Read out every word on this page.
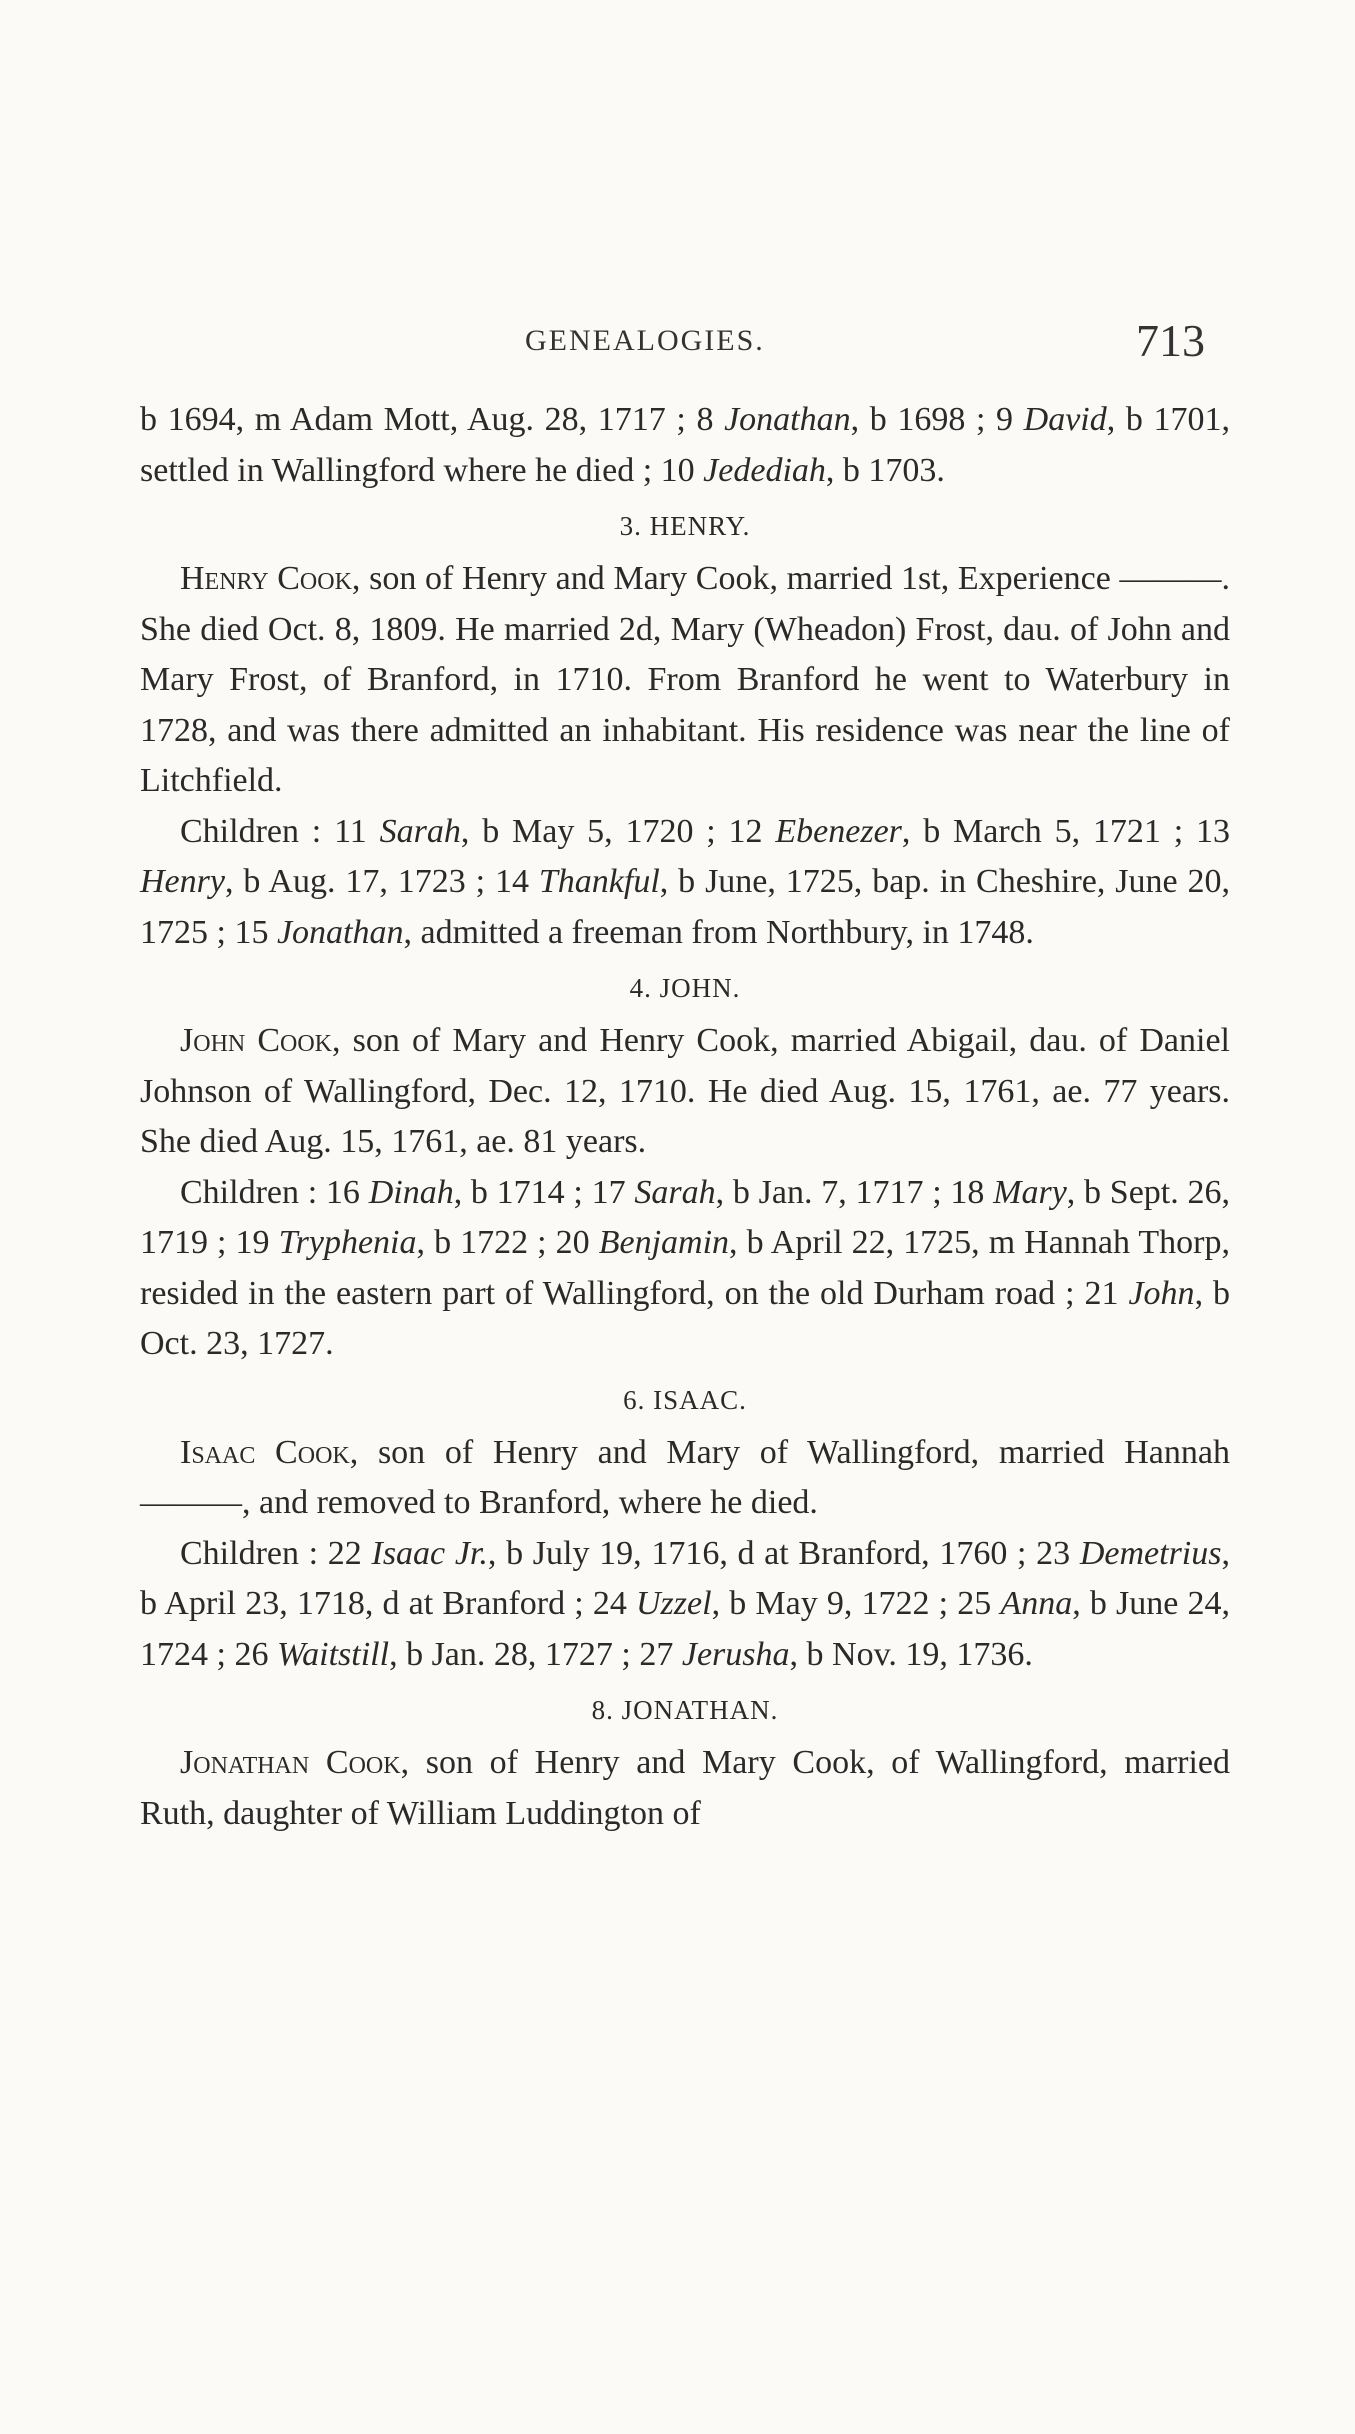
GENEALOGIES.	713

b 1694, m Adam Mott, Aug. 28, 1717 ; 8 Jonathan, b 1698 ; 9 David, b 1701, settled in Wallingford where he died ; 10 Jedediah, b 1703.

3. HENRY.

Henry Cook, son of Henry and Mary Cook, married 1st, Experience ———. She died Oct. 8, 1809. He married 2d, Mary (Wheadon) Frost, dau. of John and Mary Frost, of Branford, in 1710. From Branford he went to Waterbury in 1728, and was there admitted an inhabitant. His residence was near the line of Litchfield.

Children : 11 Sarah, b May 5, 1720 ; 12 Ebenezer, b March 5, 1721 ; 13 Henry, b Aug. 17, 1723 ; 14 Thankful, b June, 1725, bap. in Cheshire, June 20, 1725 ; 15 Jonathan, admitted a freeman from Northbury, in 1748.

4. JOHN.

John Cook, son of Mary and Henry Cook, married Abigail, dau. of Daniel Johnson of Wallingford, Dec. 12, 1710. He died Aug. 15, 1761, ae. 77 years. She died Aug. 15, 1761, ae. 81 years.

Children : 16 Dinah, b 1714 ; 17 Sarah, b Jan. 7, 1717 ; 18 Mary, b Sept. 26, 1719 ; 19 Tryphenia, b 1722 ; 20 Benjamin, b April 22, 1725, m Hannah Thorp, resided in the eastern part of Wallingford, on the old Durham road ; 21 John, b Oct. 23, 1727.

6. ISAAC.

Isaac Cook, son of Henry and Mary of Wallingford, married Hannah ———, and removed to Branford, where he died.

Children : 22 Isaac Jr., b July 19, 1716, d at Branford, 1760 ; 23 Demetrius, b April 23, 1718, d at Branford ; 24 Uzzel, b May 9, 1722 ; 25 Anna, b June 24, 1724 ; 26 Waitstill, b Jan. 28, 1727 ; 27 Jerusha, b Nov. 19, 1736.

8. JONATHAN.

Jonathan Cook, son of Henry and Mary Cook, of Wallingford, married Ruth, daughter of William Luddington of
